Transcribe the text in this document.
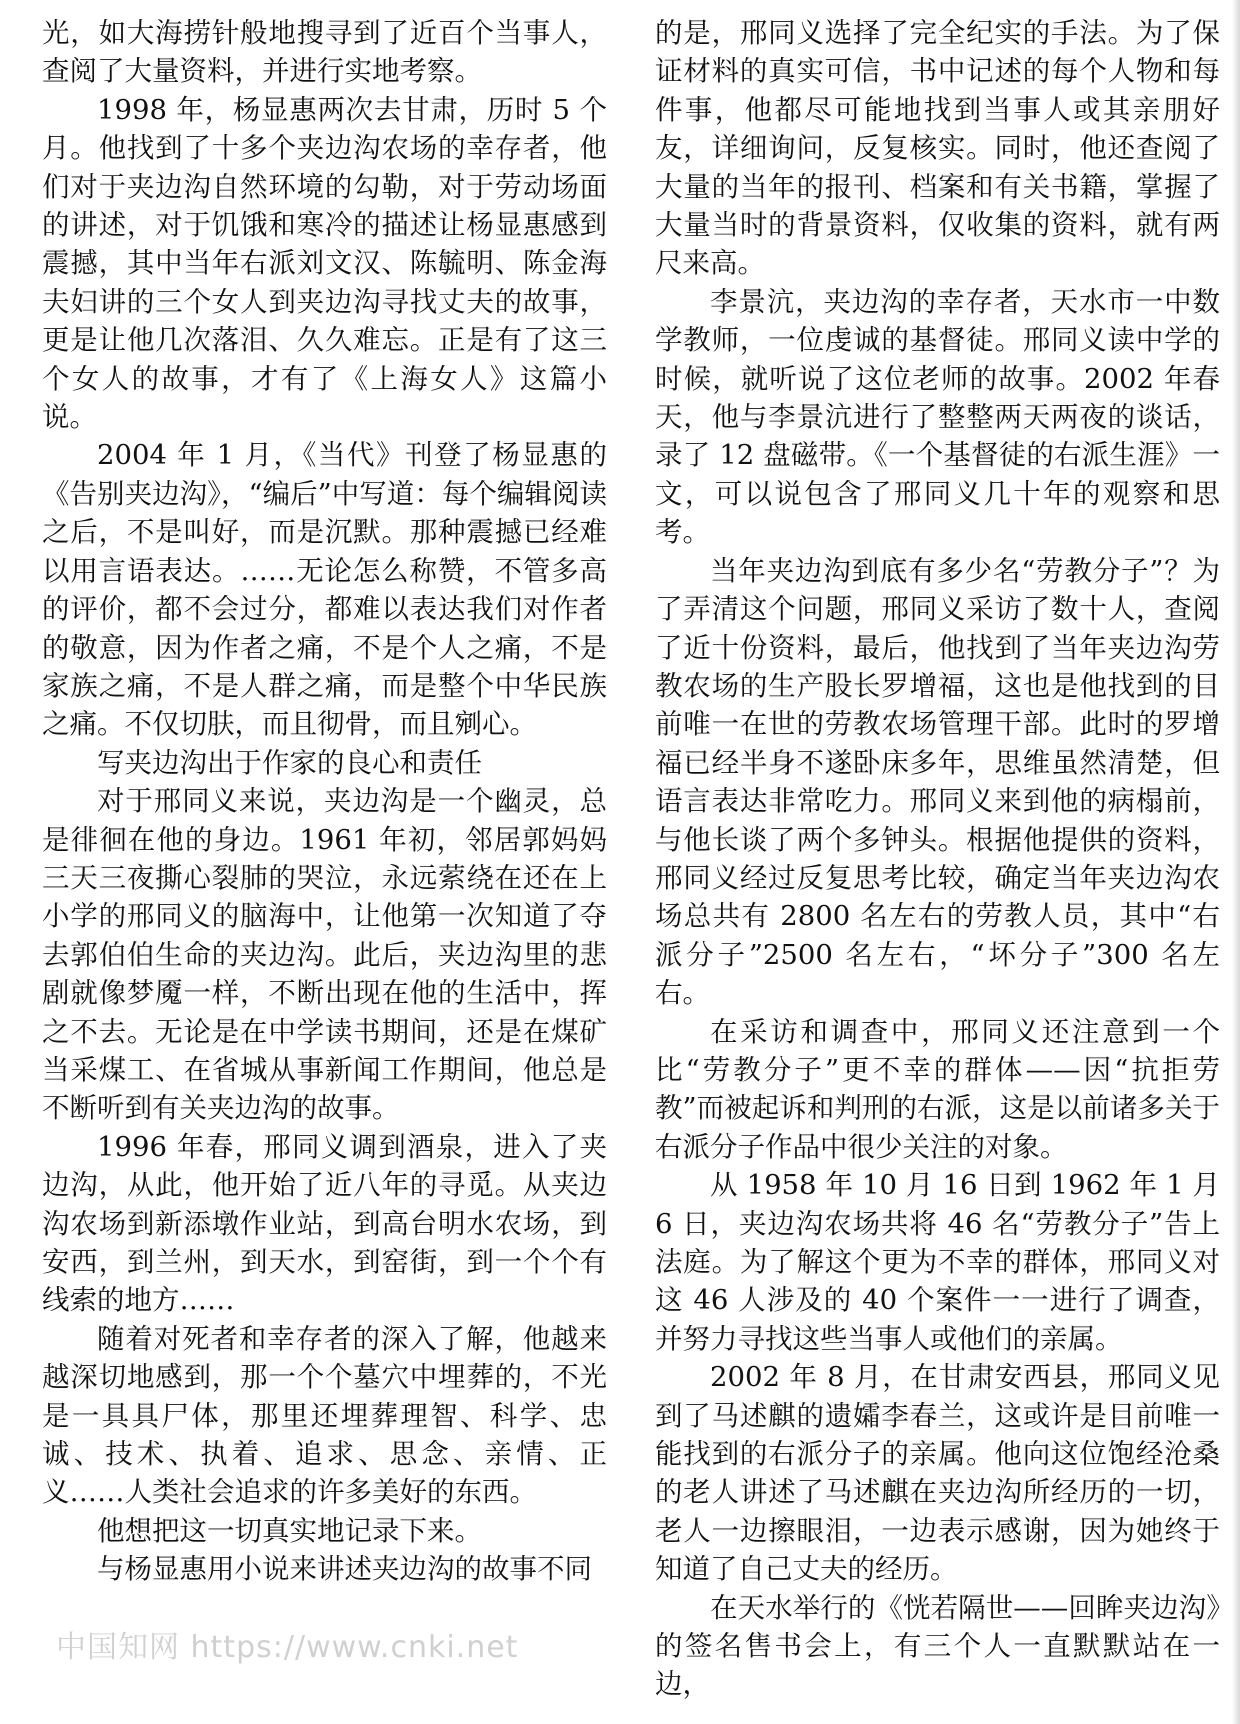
光，如大海捞针般地搜寻到了近百个当事人，查阅了大量资料，并进行实地考察。

1998 年，杨显惠两次去甘肃，历时 5 个月。他找到了十多个夹边沟农场的幸存者，他们对于夹边沟自然环境的勾勒，对于劳动场面的讲述，对于饥饿和寒冷的描述让杨显惠感到震撼，其中当年右派刘文汉、陈毓明、陈金海夫妇讲的三个女人到夹边沟寻找丈夫的故事，更是让他几次落泪、久久难忘。正是有了这三个女人的故事，才有了《上海女人》这篇小说。

2004 年 1 月，《当代》刊登了杨显惠的《告别夹边沟》，“编后”中写道：每个编辑阅读之后，不是叫好，而是沉默。那种震撼已经难以用言语表达。……无论怎么称赞，不管多高的评价，都不会过分，都难以表达我们对作者的敬意，因为作者之痛，不是个人之痛，不是家族之痛，不是人群之痛，而是整个中华民族之痛。不仅切肤，而且彻骨，而且剜心。

写夹边沟出于作家的良心和责任

对于邢同义来说，夹边沟是一个幽灵，总是徘徊在他的身边。1961 年初，邻居郭妈妈三天三夜撕心裂肺的哭泣，永远萦绕在还在上小学的邢同义的脑海中，让他第一次知道了夺去郭伯伯生命的夹边沟。此后，夹边沟里的悲剧就像梦魇一样，不断出现在他的生活中，挥之不去。无论是在中学读书期间，还是在煤矿当采煤工、在省城从事新闻工作期间，他总是不断听到有关夹边沟的故事。

1996 年春，邢同义调到酒泉，进入了夹边沟，从此，他开始了近八年的寻觅。从夹边沟农场到新添墩作业站，到高台明水农场，到安西，到兰州，到天水，到窑街，到一个个有线索的地方……

随着对死者和幸存者的深入了解，他越来越深切地感到，那一个个墓穴中埋葬的，不光是一具具尸体，那里还埋葬理智、科学、忠诚、技术、执着、追求、思念、亲情、正义……人类社会追求的许多美好的东西。

他想把这一切真实地记录下来。

与杨显惠用小说来讲述夹边沟的故事不同

的是，邢同义选择了完全纪实的手法。为了保证材料的真实可信，书中记述的每个人物和每件事，他都尽可能地找到当事人或其亲朋好友，详细询问，反复核实。同时，他还查阅了大量的当年的报刊、档案和有关书籍，掌握了大量当时的背景资料，仅收集的资料，就有两尺来高。

李景沆，夹边沟的幸存者，天水市一中数学教师，一位虔诚的基督徒。邢同义读中学的时候，就听说了这位老师的故事。2002 年春天，他与李景沆进行了整整两天两夜的谈话，录了 12 盘磁带。《一个基督徒的右派生涯》一文，可以说包含了邢同义几十年的观察和思考。

当年夹边沟到底有多少名“劳教分子”？为了弄清这个问题，邢同义采访了数十人，查阅了近十份资料，最后，他找到了当年夹边沟劳教农场的生产股长罗增福，这也是他找到的目前唯一在世的劳教农场管理干部。此时的罗增福已经半身不遂卧床多年，思维虽然清楚，但语言表达非常吃力。邢同义来到他的病榻前，与他长谈了两个多钟头。根据他提供的资料，邢同义经过反复思考比较，确定当年夹边沟农场总共有 2800 名左右的劳教人员，其中“右派分子”2500 名左右，“坏分子”300 名左右。

在采访和调查中，邢同义还注意到一个比“劳教分子”更不幸的群体——因“抗拒劳教”而被起诉和判刑的右派，这是以前诸多关于右派分子作品中很少关注的对象。

从 1958 年 10 月 16 日到 1962 年 1 月 6 日，夹边沟农场共将 46 名“劳教分子”告上法庭。为了解这个更为不幸的群体，邢同义对这 46 人涉及的 40 个案件一一进行了调查，并努力寻找这些当事人或他们的亲属。

2002 年 8 月，在甘肃安西县，邢同义见到了马述麒的遗孀李春兰，这或许是目前唯一能找到的右派分子的亲属。他向这位饱经沧桑的老人讲述了马述麒在夹边沟所经历的一切，老人一边擦眼泪，一边表示感谢，因为她终于知道了自己丈夫的经历。

在天水举行的《恍若隔世——回眸夹边沟》的签名售书会上，有三个人一直默默站在一边，

中国知网 https://www.cnki.net
